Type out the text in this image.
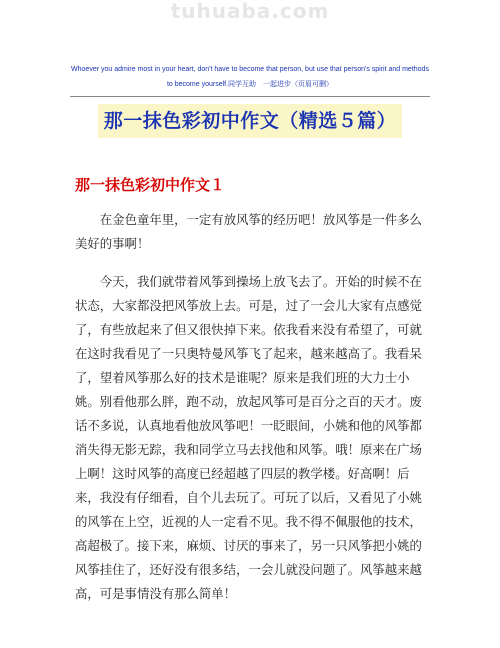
tuhuaba.com
Whoever you admire most in your heart, don't have to become that person, but use that person's spirit and methods to become yourself.同学互助　一起进步（页眉可删）
那一抹色彩初中作文（精选５篇）
那一抹色彩初中作文１

在金色童年里，一定有放风筝的经历吧！放风筝是一件多么美好的事啊！

今天，我们就带着风筝到操场上放飞去了。开始的时候不在状态，大家都没把风筝放上去。可是，过了一会儿大家有点感觉了，有些放起来了但又很快掉下来。依我看来没有希望了，可就在这时我看见了一只奥特曼风筝飞了起来，越来越高了。我看呆了，望着风筝那么好的技术是谁呢？原来是我们班的大力士小姚。别看他那么胖，跑不动，放起风筝可是百分之百的天才。废话不多说，认真地看他放风筝吧！一眨眼间，小姚和他的风筝都消失得无影无踪，我和同学立马去找他和风筝。哦！原来在广场上啊！这时风筝的高度已经超越了四层的教学楼。好高啊！后来，我没有仔细看，自个儿去玩了。可玩了以后，又看见了小姚的风筝在上空，近视的人一定看不见。我不得不佩服他的技术，高超极了。接下来，麻烦、讨厌的事来了，另一只风筝把小姚的风筝挂住了，还好没有很多结，一会儿就没问题了。风筝越来越高，可是事情没有那么简单！
